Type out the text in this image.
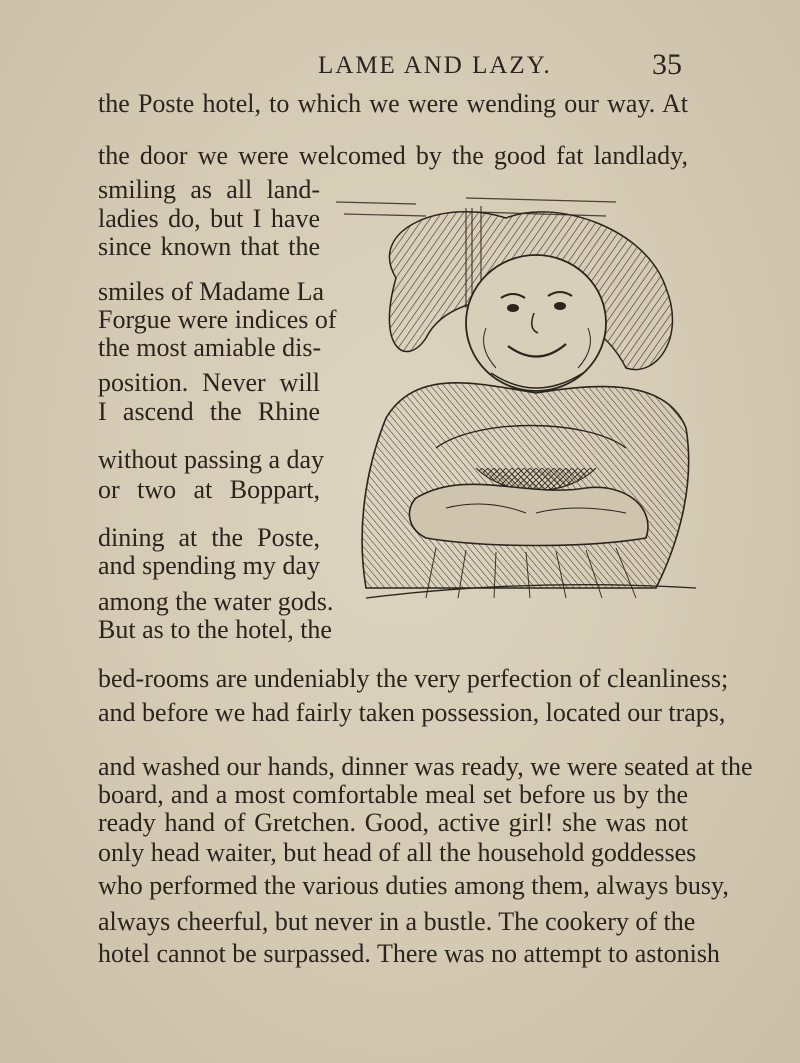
LAME AND LAZY.	35
the Poste hotel, to which we were wending our way. At
the door we were welcomed by the good fat landlady,
smiling as all land-
ladies do, but I have
since known that the
smiles of Madame La
Forgue were indices of
the most amiable dis-
position. Never will
I ascend the Rhine
without passing a day
or two at Boppart,
dining at the Poste,
and spending my day
among the water gods.
But as to the hotel, the
bed-rooms are undeniably the very perfection of cleanliness;
and before we had fairly taken possession, located our traps,
and washed our hands, dinner was ready, we were seated at the
board, and a most comfortable meal set before us by the
ready hand of Gretchen. Good, active girl! she was not
only head waiter, but head of all the household goddesses
who performed the various duties among them, always busy,
always cheerful, but never in a bustle. The cookery of the
hotel cannot be surpassed. There was no attempt to astonish
